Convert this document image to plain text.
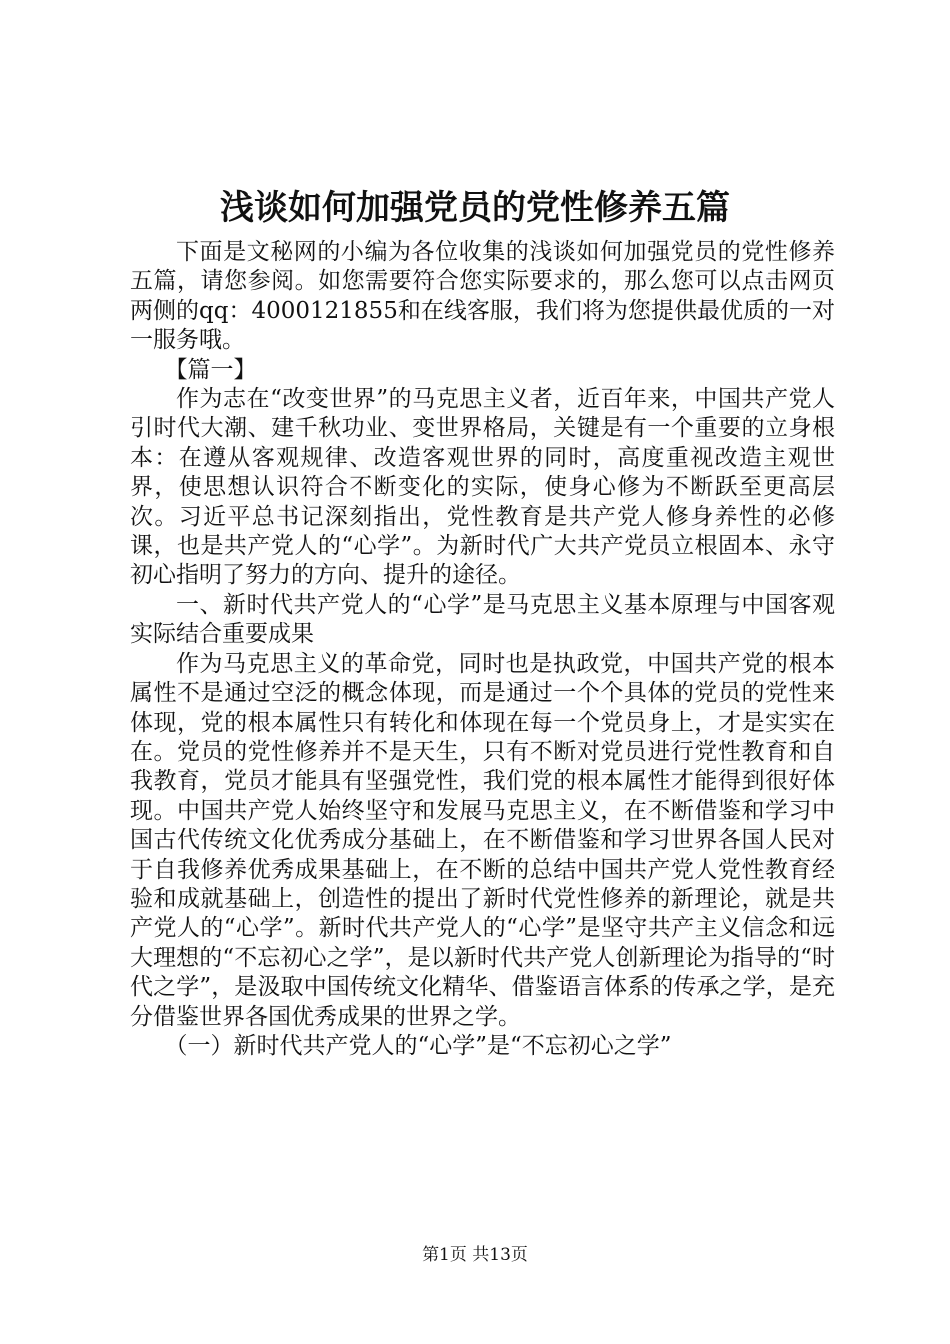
浅谈如何加强党员的党性修养五篇

下面是文秘网的小编为各位收集的浅谈如何加强党员的党性修养五篇，请您参阅。如您需要符合您实际要求的，那么您可以点击网页两侧的qq：4000121855和在线客服，我们将为您提供最优质的一对一服务哦。

【篇一】

作为志在“改变世界”的马克思主义者，近百年来，中国共产党人引时代大潮、建千秋功业、变世界格局，关键是有一个重要的立身根本：在遵从客观规律、改造客观世界的同时，高度重视改造主观世界，使思想认识符合不断变化的实际，使身心修为不断跃至更高层次。习近平总书记深刻指出，党性教育是共产党人修身养性的必修课，也是共产党人的“心学”。为新时代广大共产党员立根固本、永守初心指明了努力的方向、提升的途径。

一、新时代共产党人的“心学”是马克思主义基本原理与中国客观实际结合重要成果

作为马克思主义的革命党，同时也是执政党，中国共产党的根本属性不是通过空泛的概念体现，而是通过一个个具体的党员的党性来体现，党的根本属性只有转化和体现在每一个党员身上，才是实实在在。党员的党性修养并不是天生，只有不断对党员进行党性教育和自我教育，党员才能具有坚强党性，我们党的根本属性才能得到很好体现。中国共产党人始终坚守和发展马克思主义，在不断借鉴和学习中国古代传统文化优秀成分基础上，在不断借鉴和学习世界各国人民对于自我修养优秀成果基础上，在不断的总结中国共产党人党性教育经验和成就基础上，创造性的提出了新时代党性修养的新理论，就是共产党人的“心学”。新时代共产党人的“心学”是坚守共产主义信念和远大理想的“不忘初心之学”，是以新时代共产党人创新理论为指导的“时代之学”，是汲取中国传统文化精华、借鉴语言体系的传承之学，是充分借鉴世界各国优秀成果的世界之学。

（一）新时代共产党人的“心学”是“不忘初心之学”

第1页 共13页
